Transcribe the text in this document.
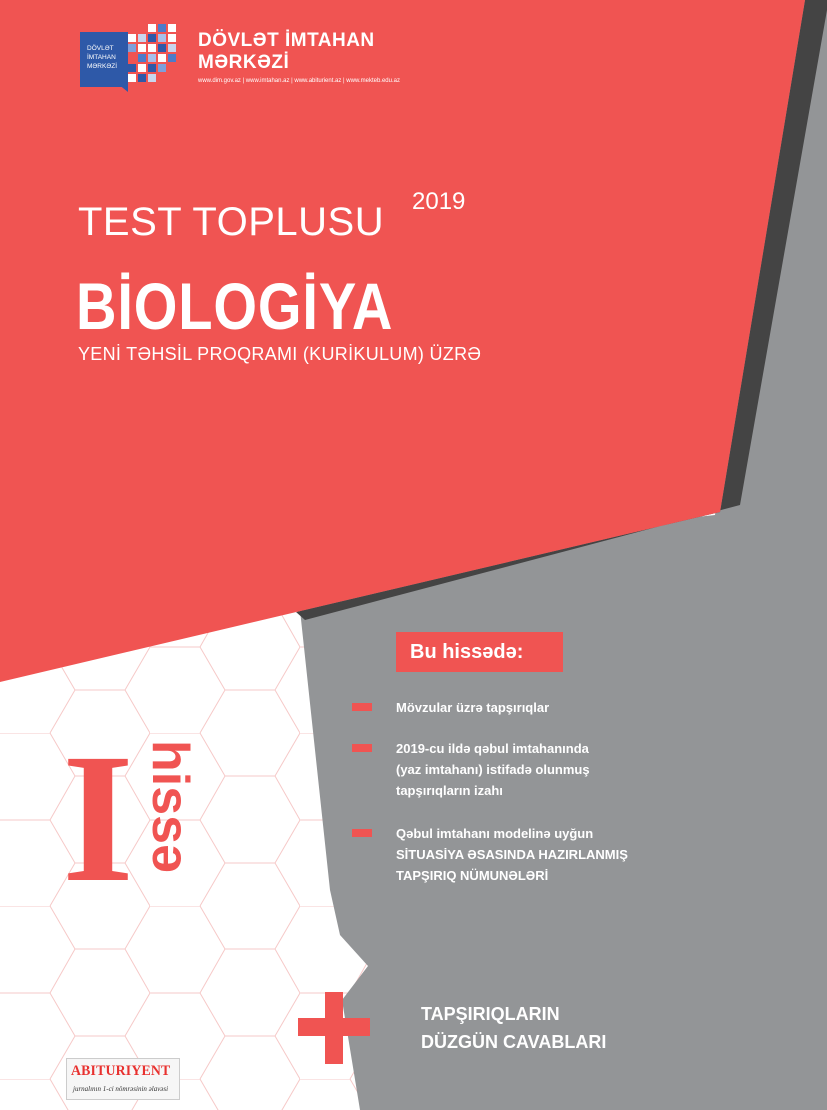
DÖVLƏT
İMTAHAN
MƏRKƏZİ
DÖVLƏT İMTAHAN
MƏRKƏZİ
www.dim.gov.az | www.imtahan.az | www.abiturient.az | www.mekteb.edu.az
TEST TOPLUSU 2019
BİOLOGİYA
YENİ TƏHSİL PROQRAMI (KURİKULUM) ÜZRƏ
Bu hissədə:
Mövzular üzrə tapşırıqlar
2019-cu ildə qəbul imtahanında
(yaz imtahanı) istifadə olunmuş
tapşırıqların izahı
Qəbul imtahanı modelinə uyğun
SİTUASİYA ƏSASINDA HAZIRLANMIŞ
TAPŞIRIQ NÜMUNƏLƏRİ
I hissə
TAPŞIRIQLARIN
DÜZGÜN CAVABLARI
ABITURIYENT
jurnalının 1-ci nömrəsinin əlavəsi
